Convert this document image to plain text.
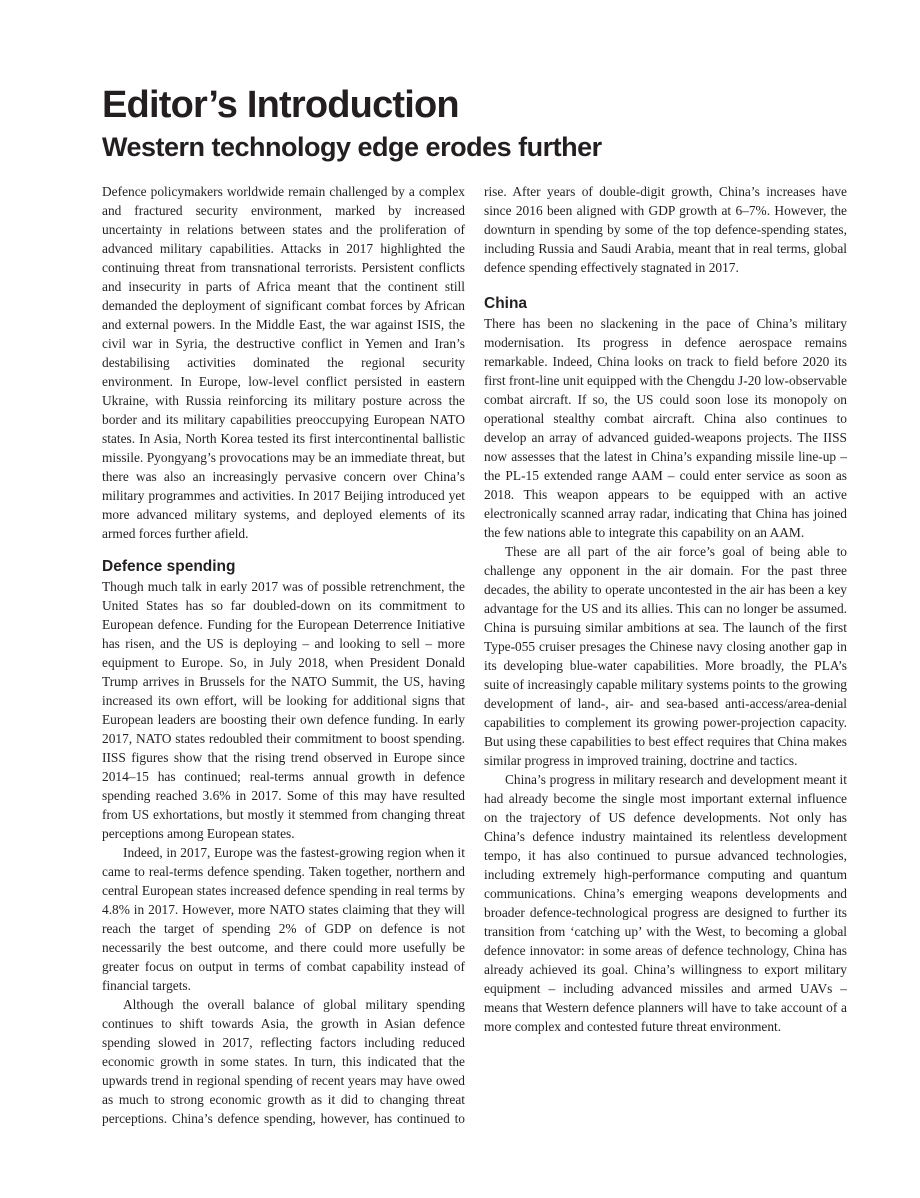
Editor’s Introduction
Western technology edge erodes further

Defence policymakers worldwide remain challenged by a complex and fractured security environment, marked by increased uncertainty in relations between states and the proliferation of advanced military capabilities. Attacks in 2017 highlighted the continuing threat from transnational terrorists. Persistent conflicts and insecurity in parts of Africa meant that the continent still demanded the deployment of significant combat forces by African and external powers. In the Middle East, the war against ISIS, the civil war in Syria, the destructive conflict in Yemen and Iran’s destabilising activities dominated the regional security environment. In Europe, low-level conflict persisted in eastern Ukraine, with Russia reinforcing its military posture across the border and its military capabilities preoccupying European NATO states. In Asia, North Korea tested its first intercontinental ballistic missile. Pyongyang’s provocations may be an immediate threat, but there was also an increasingly pervasive concern over China’s military programmes and activities. In 2017 Beijing introduced yet more advanced military systems, and deployed elements of its armed forces further afield.

Defence spending

Though much talk in early 2017 was of possible retrenchment, the United States has so far doubled-down on its commitment to European defence. Funding for the European Deterrence Initiative has risen, and the US is deploying – and looking to sell – more equipment to Europe. So, in July 2018, when President Donald Trump arrives in Brussels for the NATO Summit, the US, having increased its own effort, will be looking for additional signs that European leaders are boosting their own defence funding. In early 2017, NATO states redoubled their commitment to boost spending. IISS figures show that the rising trend observed in Europe since 2014–15 has continued; real-terms annual growth in defence spending reached 3.6% in 2017. Some of this may have resulted from US exhortations, but mostly it stemmed from changing threat perceptions among European states.

Indeed, in 2017, Europe was the fastest-growing region when it came to real-terms defence spending. Taken together, northern and central European states increased defence spending in real terms by 4.8% in 2017. However, more NATO states claiming that they will reach the target of spending 2% of GDP on defence is not necessarily the best outcome, and there could more usefully be greater focus on output in terms of combat capability instead of financial targets.

Although the overall balance of global military spending continues to shift towards Asia, the growth in Asian defence spending slowed in 2017, reflecting factors including reduced economic growth in some states. In turn, this indicated that the upwards trend in regional spending of recent years may have owed as much to strong economic growth as it did to changing threat perceptions. China’s defence spending, however, has continued to

rise. After years of double-digit growth, China’s increases have since 2016 been aligned with GDP growth at 6–7%. However, the downturn in spending by some of the top defence-spending states, including Russia and Saudi Arabia, meant that in real terms, global defence spending effectively stagnated in 2017.

China

There has been no slackening in the pace of China’s military modernisation. Its progress in defence aerospace remains remarkable. Indeed, China looks on track to field before 2020 its first front-line unit equipped with the Chengdu J-20 low-observable combat aircraft. If so, the US could soon lose its monopoly on operational stealthy combat aircraft. China also continues to develop an array of advanced guided-weapons projects. The IISS now assesses that the latest in China’s expanding missile line-up – the PL-15 extended range AAM – could enter service as soon as 2018. This weapon appears to be equipped with an active electronically scanned array radar, indicating that China has joined the few nations able to integrate this capability on an AAM.

These are all part of the air force’s goal of being able to challenge any opponent in the air domain. For the past three decades, the ability to operate uncontested in the air has been a key advantage for the US and its allies. This can no longer be assumed. China is pursuing similar ambitions at sea. The launch of the first Type-055 cruiser presages the Chinese navy closing another gap in its developing blue-water capabilities. More broadly, the PLA’s suite of increasingly capable military systems points to the growing development of land-, air- and sea-based anti-access/area-denial capabilities to complement its growing power-projection capacity. But using these capabilities to best effect requires that China makes similar progress in improved training, doctrine and tactics.

China’s progress in military research and development meant it had already become the single most important external influence on the trajectory of US defence developments. Not only has China’s defence industry maintained its relentless development tempo, it has also continued to pursue advanced technologies, including extremely high-performance computing and quantum communications. China’s emerging weapons developments and broader defence-technological progress are designed to further its transition from ‘catching up’ with the West, to becoming a global defence innovator: in some areas of defence technology, China has already achieved its goal. China’s willingness to export military equipment – including advanced missiles and armed UAVs – means that Western defence planners will have to take account of a more complex and contested future threat environment.
